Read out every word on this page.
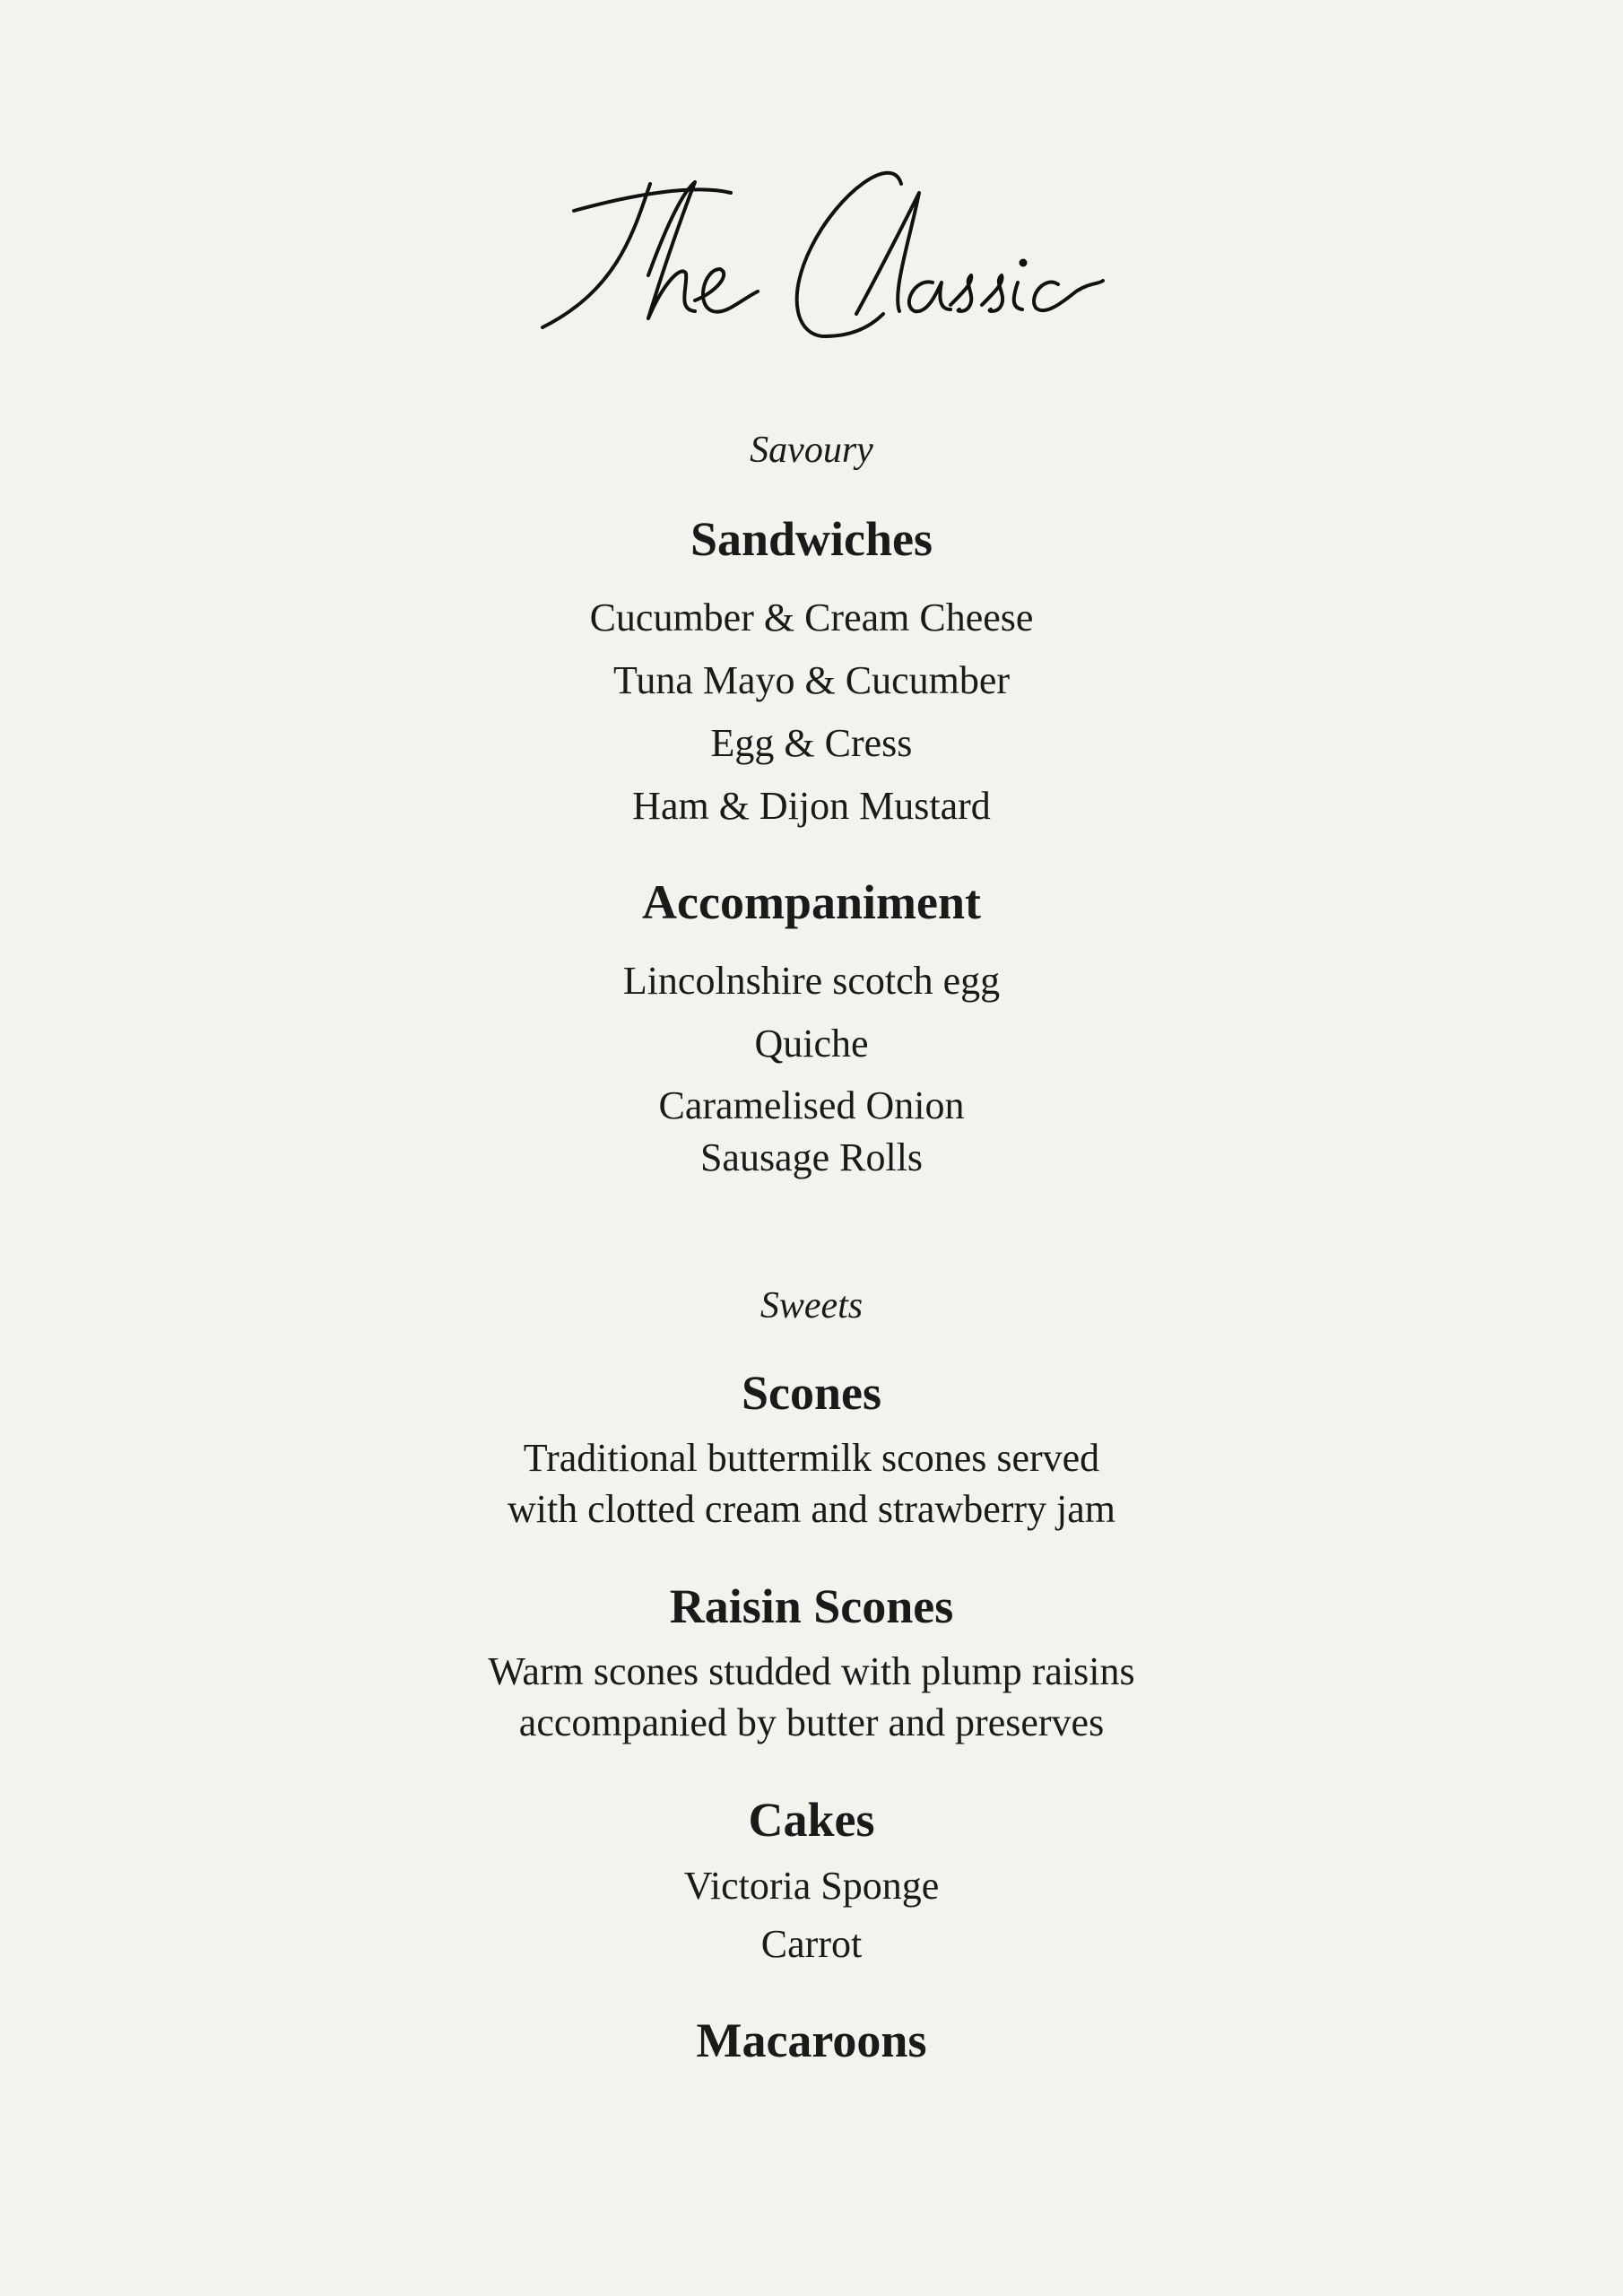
Savoury
Sandwiches
Cucumber & Cream Cheese
Tuna Mayo & Cucumber
Egg & Cress
Ham & Dijon Mustard
Accompaniment
Lincolnshire scotch egg
Quiche
Caramelised Onion
Sausage Rolls
Sweets
Scones
Traditional buttermilk scones served
with clotted cream and strawberry jam
Raisin Scones
Warm scones studded with plump raisins
accompanied by butter and preserves
Cakes
Victoria Sponge
Carrot
Macaroons
